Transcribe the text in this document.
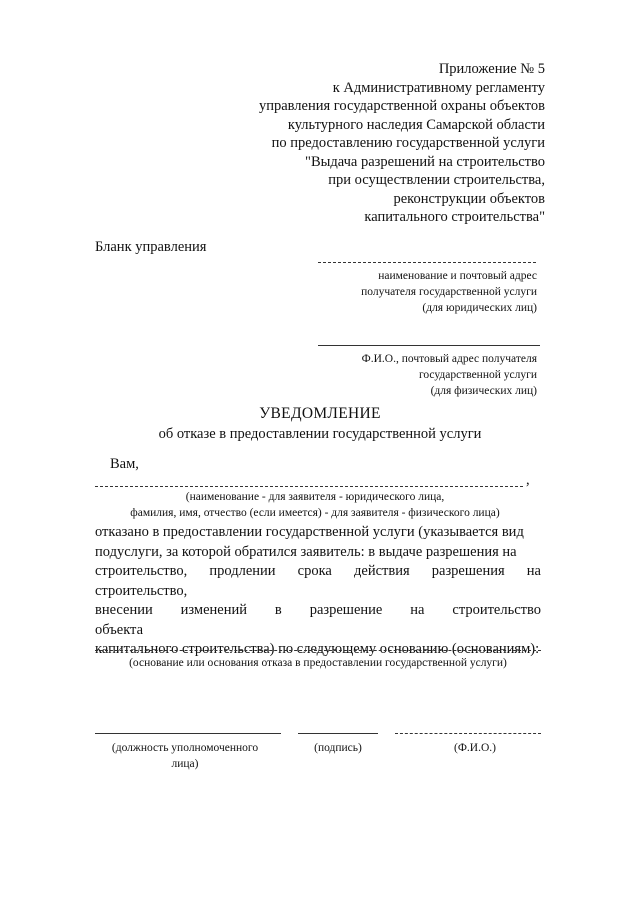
Приложение № 5
к Административному регламенту
управления государственной охраны объектов
культурного наследия Самарской области
по предоставлению государственной услуги
"Выдача разрешений на строительство
при осуществлении строительства,
реконструкции объектов
капитального строительства"
Бланк управления
наименование и почтовый адрес
получателя государственной услуги
(для юридических лиц)
Ф.И.О., почтовый адрес получателя
государственной услуги
(для физических лиц)
УВЕДОМЛЕНИЕ
об отказе в предоставлении государственной услуги
Вам,
,
(наименование - для заявителя - юридического лица,
фамилия, имя, отчество (если имеется) - для заявителя - физического лица)
отказано в предоставлении государственной услуги (указывается вид
подуслуги, за которой обратился заявитель: в выдаче разрешения на
строительство, продлении срока действия разрешения на строительство,
внесении изменений в разрешение на строительство объекта
капитального строительства) по следующему основанию (основаниям):
(основание или основания отказа в предоставлении государственной услуги)
(должность уполномоченного
лица)
(подпись)	(Ф.И.О.)
